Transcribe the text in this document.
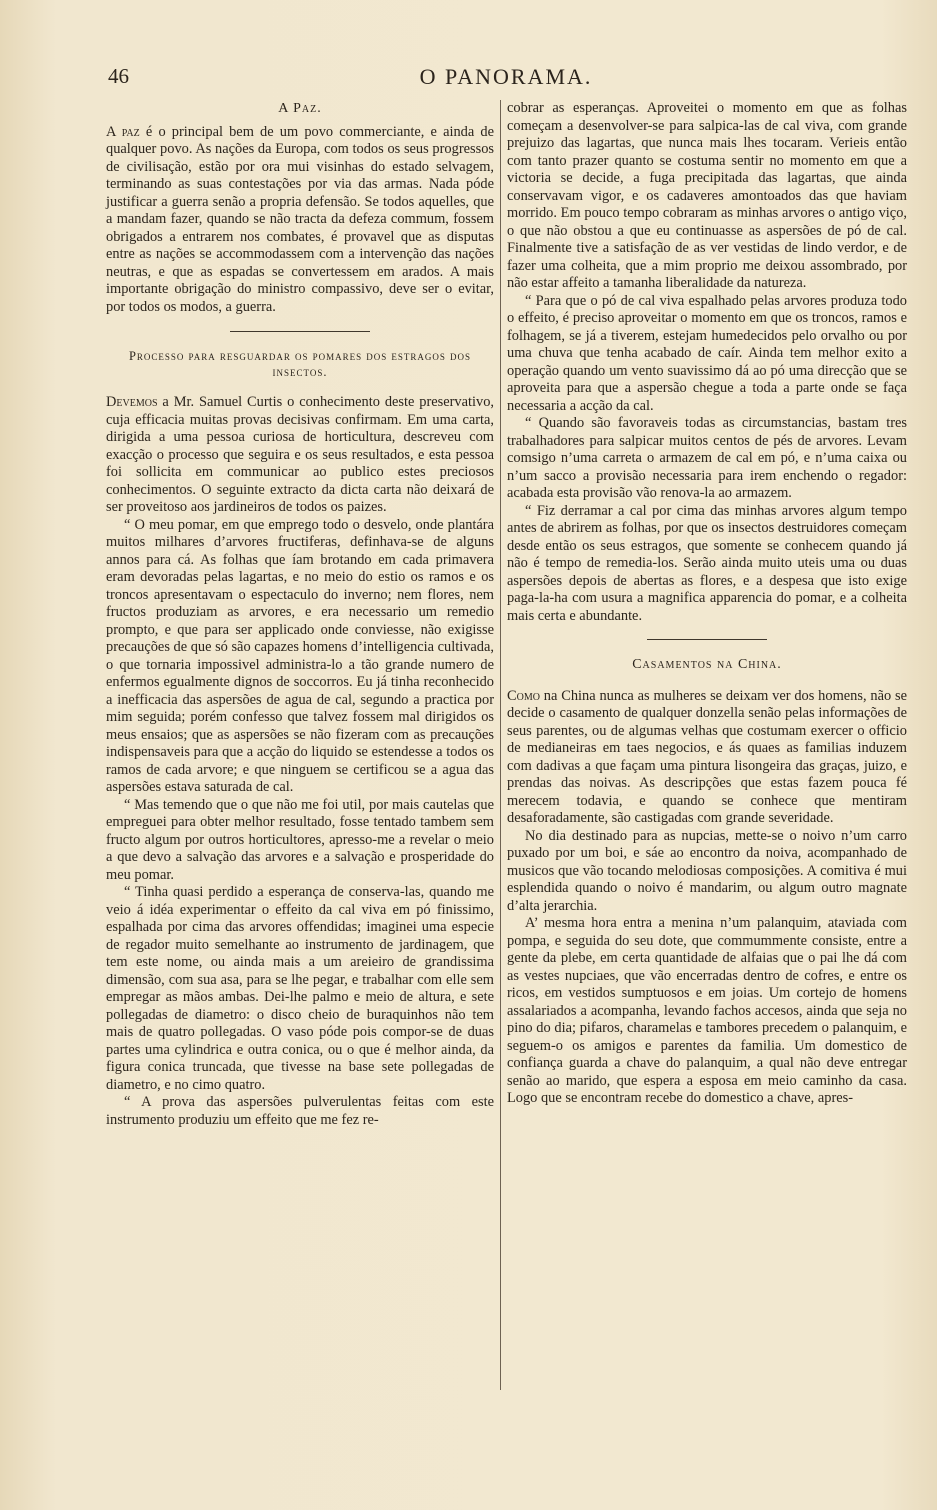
46	O PANORAMA.
A Paz.

A paz é o principal bem de um povo commerciante, e ainda de qualquer povo. As nações da Europa, com todos os seus progressos de civilisação, estão por ora mui visinhas do estado selvagem, terminando as suas contestações por via das armas. Nada póde justificar a guerra senão a propria defensão. Se todos aquelles, que a mandam fazer, quando se não tracta da defeza commum, fossem obrigados a entrarem nos combates, é provavel que as disputas entre as nações se accommodassem com a intervenção das nações neutras, e que as espadas se convertessem em arados. A mais importante obrigação do ministro compassivo, deve ser o evitar, por todos os modos, a guerra.

Processo para resguardar os pomares dos estragos dos insectos.

Devemos a Mr. Samuel Curtis o conhecimento deste preservativo, cuja efficacia muitas provas decisivas confirmam. Em uma carta, dirigida a uma pessoa curiosa de horticultura, descreveu com exacção o processo que seguira e os seus resultados, e esta pessoa foi sollicita em communicar ao publico estes preciosos conhecimentos. O seguinte extracto da dicta carta não deixará de ser proveitoso aos jardineiros de todos os paizes.

“ O meu pomar, em que emprego todo o desvelo, onde plantára muitos milhares d’arvores fructiferas, definhava-se de alguns annos para cá. As folhas que íam brotando em cada primavera eram devoradas pelas lagartas, e no meio do estio os ramos e os troncos apresentavam o espectaculo do inverno; nem flores, nem fructos produziam as arvores, e era necessario um remedio prompto, e que para ser applicado onde conviesse, não exigisse precauções de que só são capazes homens d’intelligencia cultivada, o que tornaria impossivel administra-lo a tão grande numero de enfermos egualmente dignos de soccorros. Eu já tinha reconhecido a inefficacia das aspersões de agua de cal, segundo a practica por mim seguida; porém confesso que talvez fossem mal dirigidos os meus ensaios; que as aspersões se não fizeram com as precauções indispensaveis para que a acção do liquido se estendesse a todos os ramos de cada arvore; e que ninguem se certificou se a agua das aspersões estava saturada de cal.

“ Mas temendo que o que não me foi util, por mais cautelas que empreguei para obter melhor resultado, fosse tentado tambem sem fructo algum por outros horticultores, apresso-me a revelar o meio a que devo a salvação das arvores e a salvação e prosperidade do meu pomar.

“ Tinha quasi perdido a esperança de conserva-las, quando me veio á idéa experimentar o effeito da cal viva em pó finissimo, espalhada por cima das arvores offendidas; imaginei uma especie de regador muito semelhante ao instrumento de jardinagem, que tem este nome, ou ainda mais a um areieiro de grandissima dimensão, com sua asa, para se lhe pegar, e trabalhar com elle sem empregar as mãos ambas. Dei-lhe palmo e meio de altura, e sete pollegadas de diametro: o disco cheio de buraquinhos não tem mais de quatro pollegadas. O vaso póde pois compor-se de duas partes uma cylindrica e outra conica, ou o que é melhor ainda, da figura conica truncada, que tivesse na base sete pollegadas de diametro, e no cimo quatro.

“ A prova das aspersões pulverulentas feitas com este instrumento produziu um effeito que me fez re-

cobrar as esperanças. Aproveitei o momento em que as folhas começam a desenvolver-se para salpica-las de cal viva, com grande prejuizo das lagartas, que nunca mais lhes tocaram. Verieis então com tanto prazer quanto se costuma sentir no momento em que a victoria se decide, a fuga precipitada das lagartas, que ainda conservavam vigor, e os cadaveres amontoados das que haviam morrido. Em pouco tempo cobraram as minhas arvores o antigo viço, o que não obstou a que eu continuasse as aspersões de pó de cal. Finalmente tive a satisfação de as ver vestidas de lindo verdor, e de fazer uma colheita, que a mim proprio me deixou assombrado, por não estar affeito a tamanha liberalidade da natureza.

“ Para que o pó de cal viva espalhado pelas arvores produza todo o effeito, é preciso aproveitar o momento em que os troncos, ramos e folhagem, se já a tiverem, estejam humedecidos pelo orvalho ou por uma chuva que tenha acabado de caír. Ainda tem melhor exito a operação quando um vento suavissimo dá ao pó uma direcção que se aproveita para que a aspersão chegue a toda a parte onde se faça necessaria a acção da cal.

“ Quando são favoraveis todas as circumstancias, bastam tres trabalhadores para salpicar muitos centos de pés de arvores. Levam comsigo n’uma carreta o armazem de cal em pó, e n’uma caixa ou n’um sacco a provisão necessaria para irem enchendo o regador: acabada esta provisão vão renova-la ao armazem.

“ Fiz derramar a cal por cima das minhas arvores algum tempo antes de abrirem as folhas, por que os insectos destruidores começam desde então os seus estragos, que somente se conhecem quando já não é tempo de remedia-los. Serão ainda muito uteis uma ou duas aspersões depois de abertas as flores, e a despesa que isto exige paga-la-ha com usura a magnifica apparencia do pomar, e a colheita mais certa e abundante.

Casamentos na China.

Como na China nunca as mulheres se deixam ver dos homens, não se decide o casamento de qualquer donzella senão pelas informações de seus parentes, ou de algumas velhas que costumam exercer o officio de medianeiras em taes negocios, e ás quaes as familias induzem com dadivas a que façam uma pintura lisongeira das graças, juizo, e prendas das noivas. As descripções que estas fazem pouca fé merecem todavia, e quando se conhece que mentiram desaforadamente, são castigadas com grande severidade.

No dia destinado para as nupcias, mette-se o noivo n’um carro puxado por um boi, e sáe ao encontro da noiva, acompanhado de musicos que vão tocando melodiosas composições. A comitiva é mui esplendida quando o noivo é mandarim, ou algum outro magnate d’alta jerarchia.

A’ mesma hora entra a menina n’um palanquim, ataviada com pompa, e seguida do seu dote, que commummente consiste, entre a gente da plebe, em certa quantidade de alfaias que o pai lhe dá com as vestes nupciaes, que vão encerradas dentro de cofres, e entre os ricos, em vestidos sumptuosos e em joias. Um cortejo de homens assalariados a acompanha, levando fachos accesos, ainda que seja no pino do dia; pifaros, charamelas e tambores precedem o palanquim, e seguem-o os amigos e parentes da familia. Um domestico de confiança guarda a chave do palanquim, a qual não deve entregar senão ao marido, que espera a esposa em meio caminho da casa. Logo que se encontram recebe do domestico a chave, apres-
